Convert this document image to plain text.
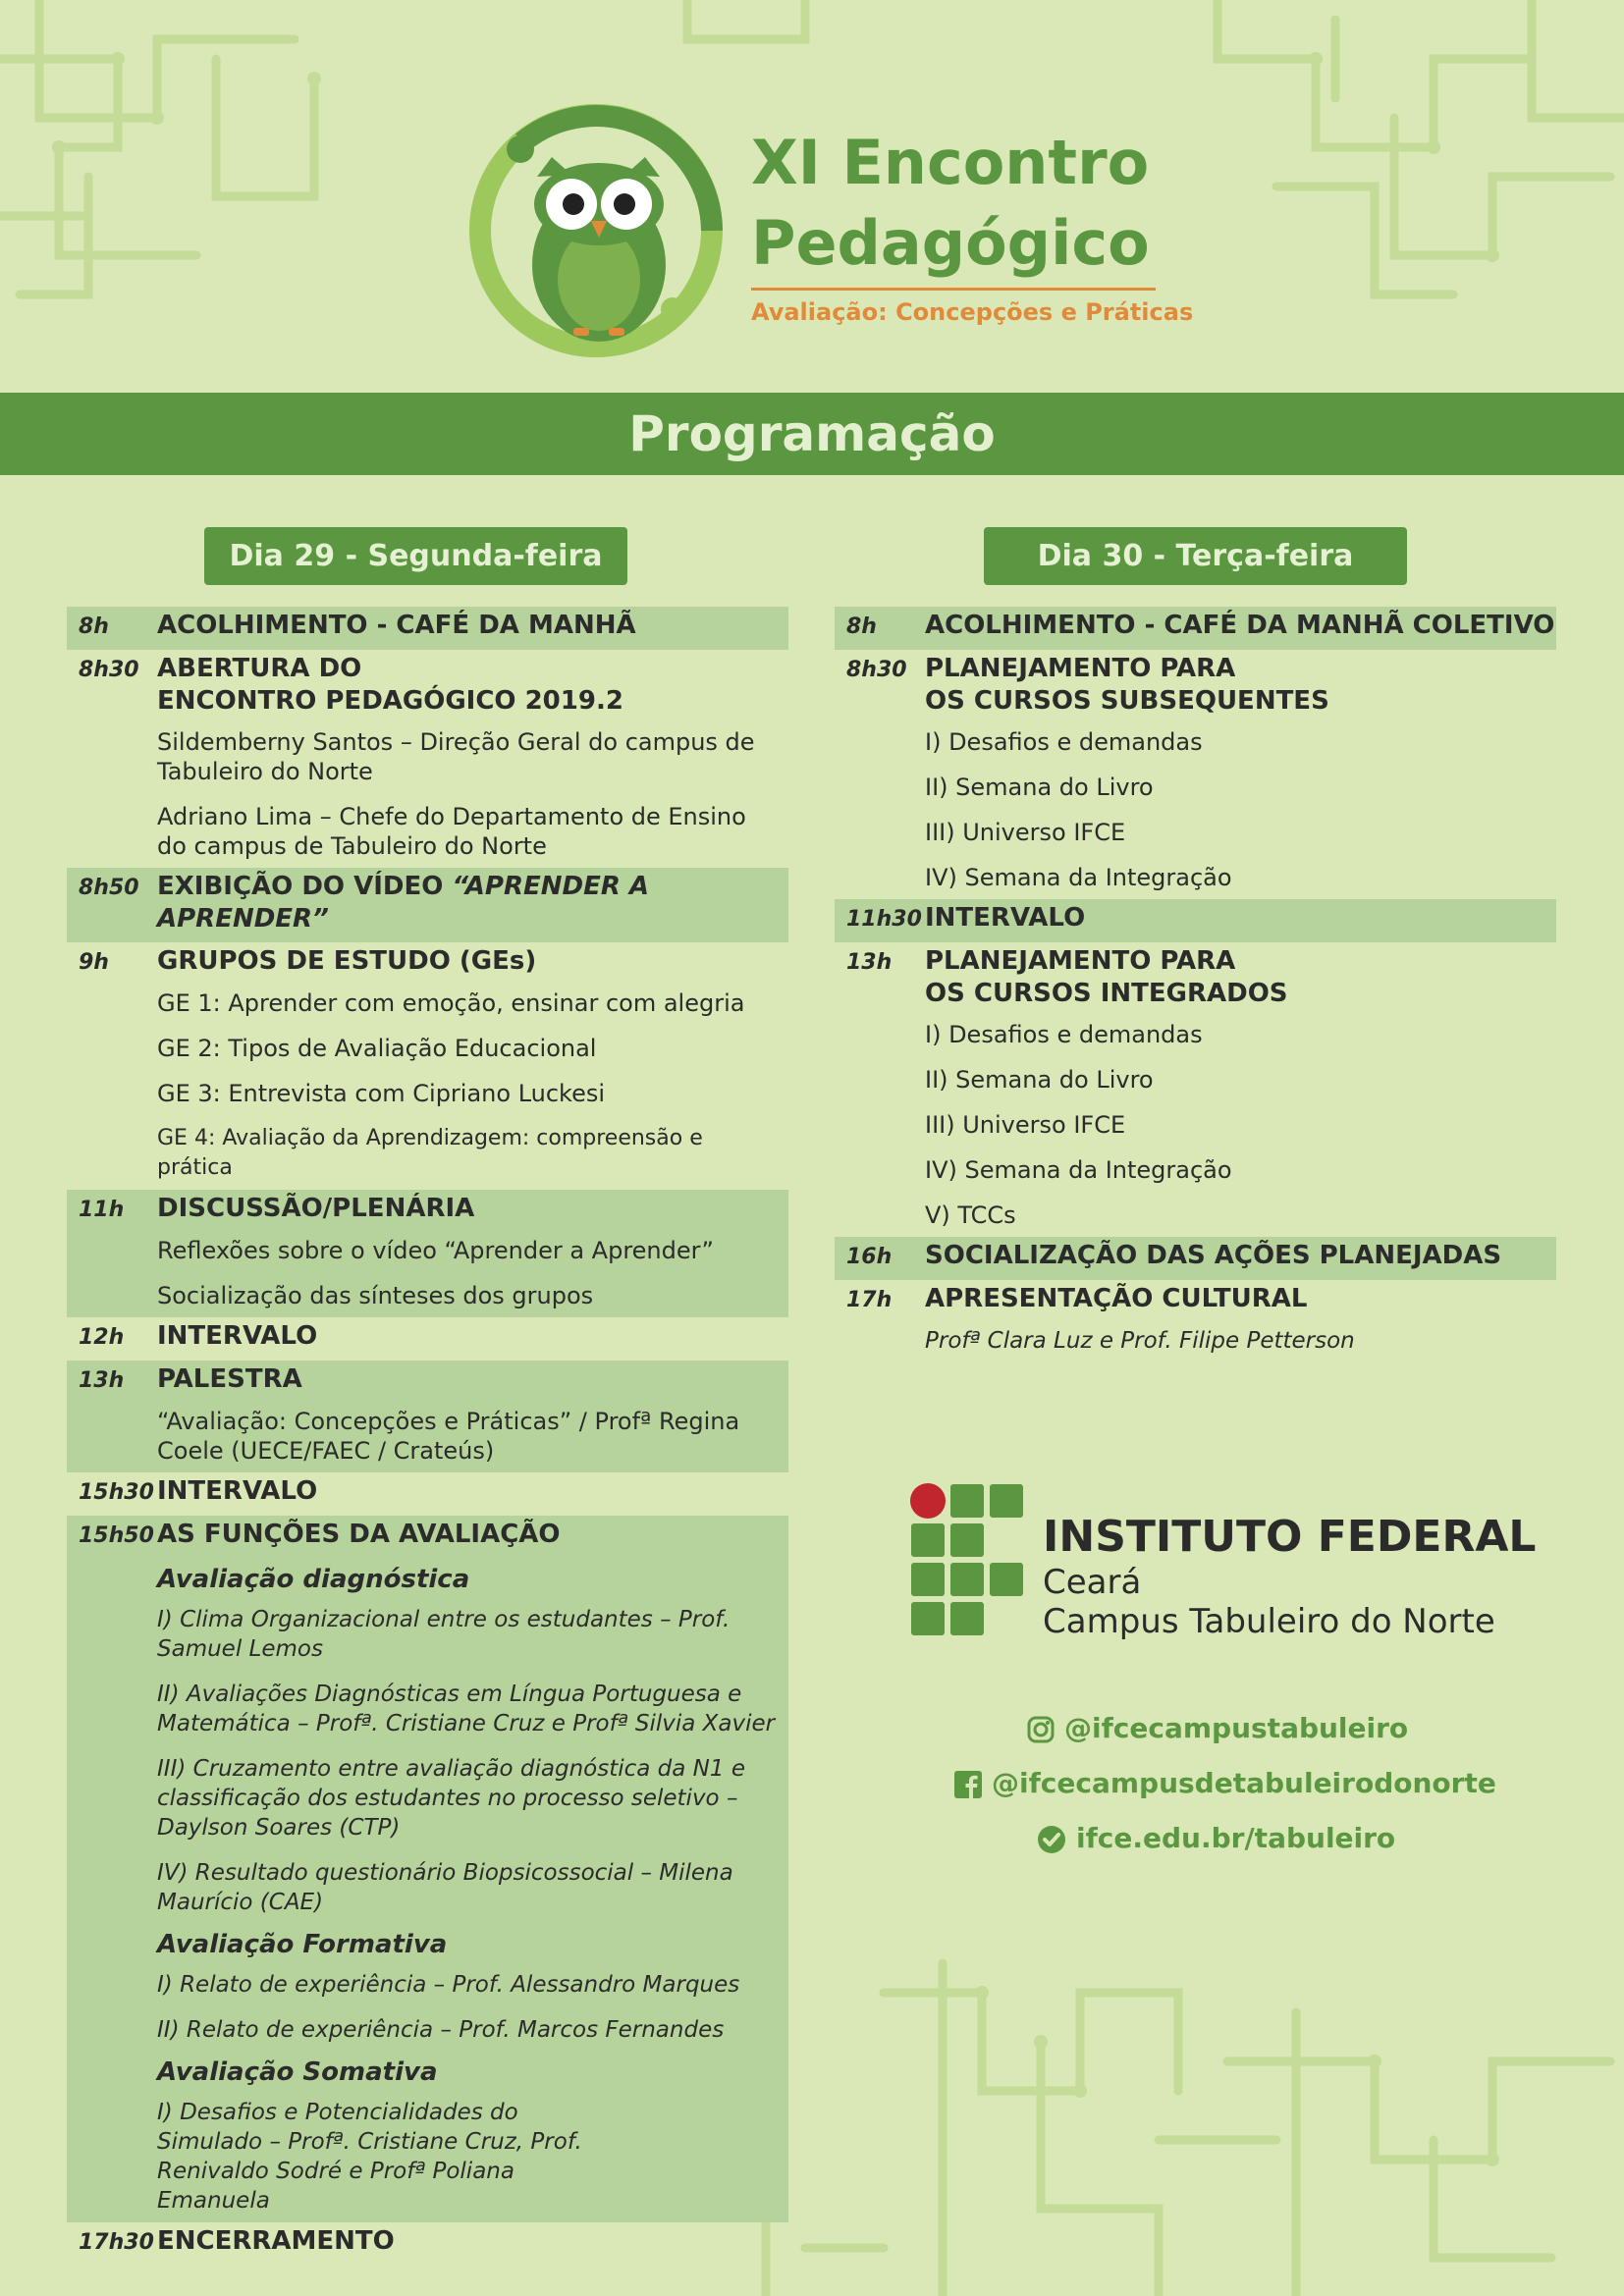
XI Encontro
Pedagógico
Avaliação: Concepções e Práticas
Programação
Dia 29 - Segunda-feira	Dia 30 - Terça-feira
8h	ACOLHIMENTO - CAFÉ DA MANHÃ
8h30 ABERTURA DO
ENCONTRO PEDAGÓGICO 2019.2
Sildemberny Santos – Direção Geral do campus de Tabuleiro do Norte
Adriano Lima – Chefe do Departamento de Ensino do campus de Tabuleiro do Norte
8h50 EXIBIÇÃO DO VÍDEO “APRENDER A APRENDER”
9h	GRUPOS DE ESTUDO (GEs)
GE 1: Aprender com emoção, ensinar com alegria
GE 2: Tipos de Avaliação Educacional
GE 3: Entrevista com Cipriano Luckesi
GE 4: Avaliação da Aprendizagem: compreensão e prática
11h	DISCUSSÃO/PLENÁRIA
Reflexões sobre o vídeo “Aprender a Aprender”
Socialização das sínteses dos grupos
12h	INTERVALO
13h	PALESTRA
“Avaliação: Concepções e Práticas” / Profª Regina Coele (UECE/FAEC / Crateús)
15h30 INTERVALO
15h50 AS FUNÇÕES DA AVALIAÇÃO
Avaliação diagnóstica
I) Clima Organizacional entre os estudantes – Prof. Samuel Lemos
II) Avaliações Diagnósticas em Língua Portuguesa e Matemática – Profª. Cristiane Cruz e Profª Silvia Xavier
III) Cruzamento entre avaliação diagnóstica da N1 e classificação dos estudantes no processo seletivo – Daylson Soares (CTP)
IV) Resultado questionário Biopsicossocial – Milena Maurício (CAE)
Avaliação Formativa
I) Relato de experiência – Prof. Alessandro Marques
II) Relato de experiência – Prof. Marcos Fernandes
Avaliação Somativa
I) Desafios e Potencialidades do Simulado – Profª. Cristiane Cruz, Prof. Renivaldo Sodré e Profª Poliana Emanuela
17h30 ENCERRAMENTO
8h	ACOLHIMENTO - CAFÉ DA MANHÃ COLETIVO
8h30 PLANEJAMENTO PARA
OS CURSOS SUBSEQUENTES
I) Desafios e demandas
II) Semana do Livro
III) Universo IFCE
IV) Semana da Integração
11h30 INTERVALO
13h	PLANEJAMENTO PARA
OS CURSOS INTEGRADOS
I) Desafios e demandas
II) Semana do Livro
III) Universo IFCE
IV) Semana da Integração
V) TCCs
16h	SOCIALIZAÇÃO DAS AÇÕES PLANEJADAS
17h	APRESENTAÇÃO CULTURAL
Profª Clara Luz e Prof. Filipe Petterson
INSTITUTO FEDERAL
Ceará
Campus Tabuleiro do Norte
@ifcecampustabuleiro
@ifcecampusdetabuleirodonorte
ifce.edu.br/tabuleiro
